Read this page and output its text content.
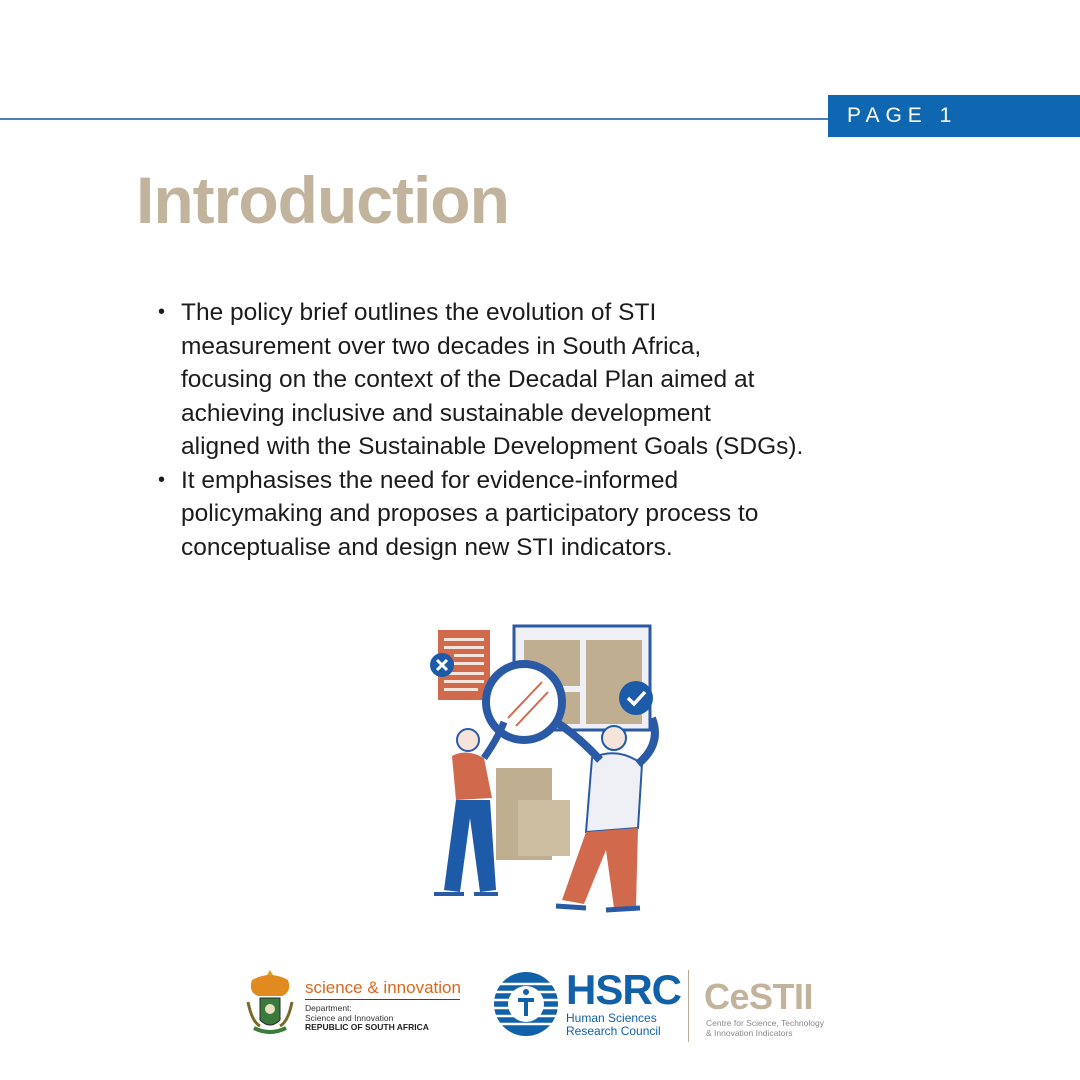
PAGE 1
Introduction
• The policy brief outlines the evolution of STI
measurement over two decades in South Africa,
focusing on the context of the Decadal Plan aimed at
achieving inclusive and sustainable development
aligned with the Sustainable Development Goals (SDGs).
• It emphasises the need for evidence-informed
policymaking and proposes a participatory process to
conceptualise and design new STI indicators.
science & innovation
Department:
Science and Innovation
REPUBLIC OF SOUTH AFRICA
HSRC
Human Sciences
Research Council
CeSTII
Centre for Science, Technology
& Innovation Indicators
